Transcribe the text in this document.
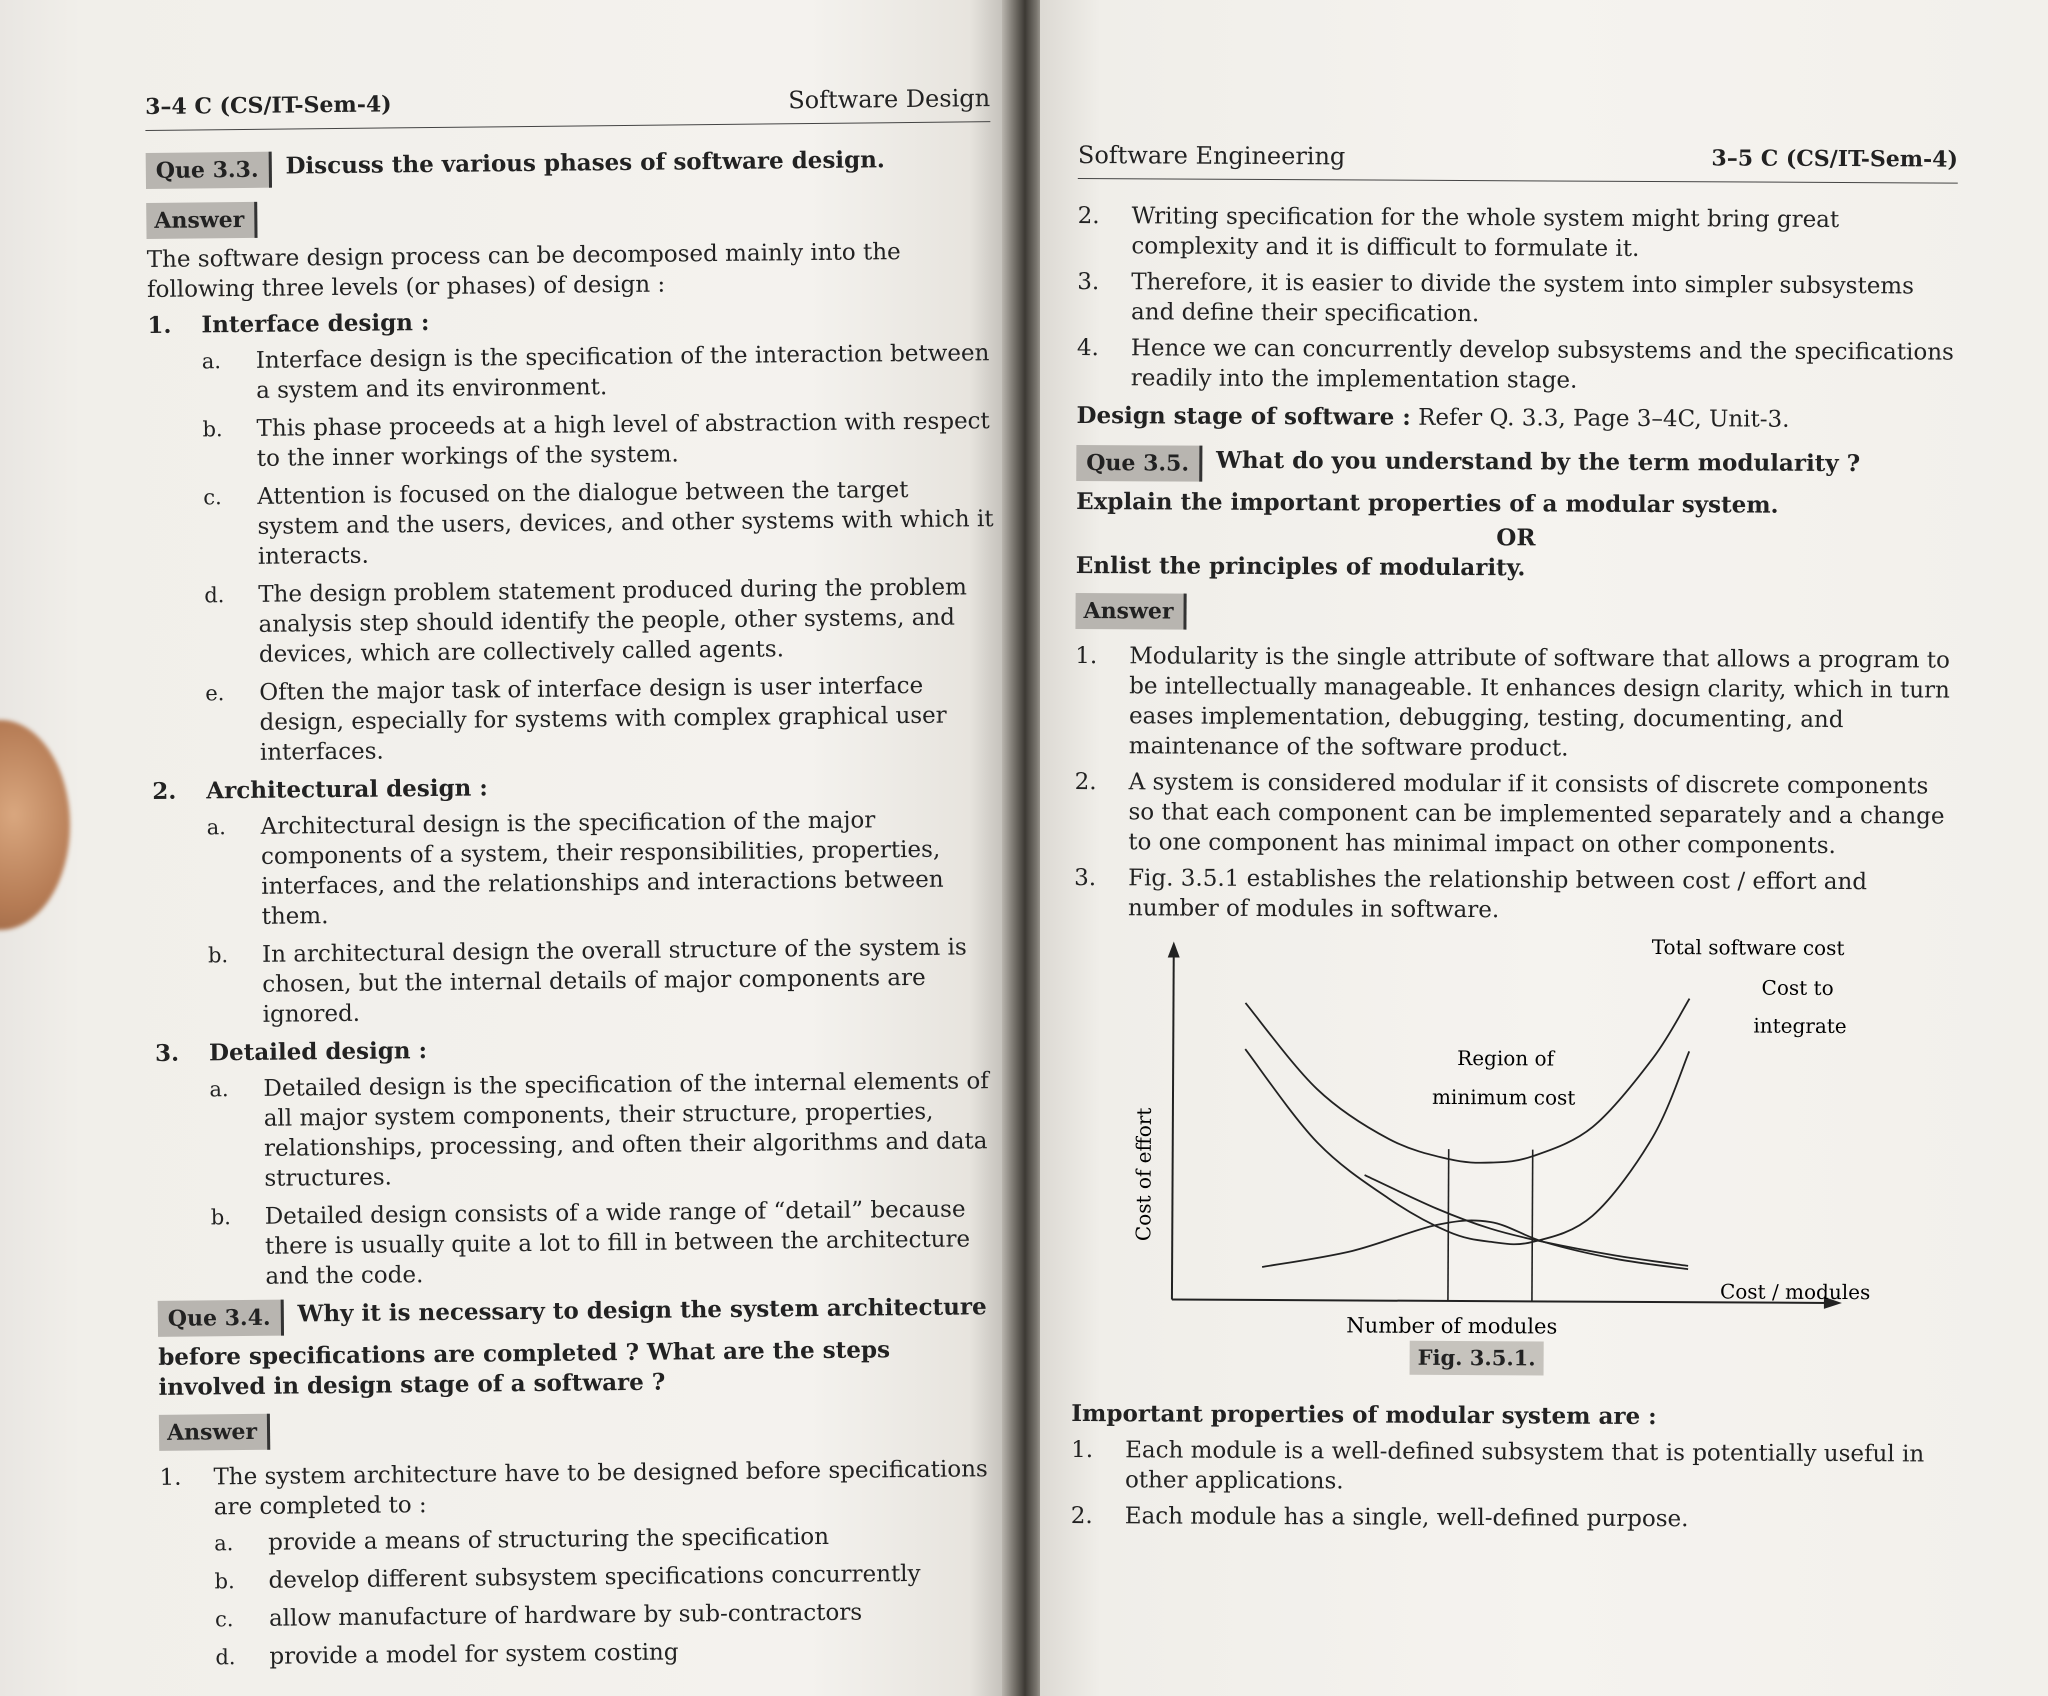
3–4 C (CS/IT-Sem-4)	Software Design
Que 3.3.	Discuss the various phases of software design.
Answer

The software design process can be decomposed mainly into the following three levels (or phases) of design :

1.	Interface design :
a.	Interface design is the specification of the interaction between a system and its environment.
b.	This phase proceeds at a high level of abstraction with respect to the inner workings of the system.
c.	Attention is focused on the dialogue between the target system and the users, devices, and other systems with which it interacts.
d.	The design problem statement produced during the problem analysis step should identify the people, other systems, and devices, which are collectively called agents.
e.	Often the major task of interface design is user interface design, especially for systems with complex graphical user interfaces.
2.	Architectural design :
a.	Architectural design is the specification of the major components of a system, their responsibilities, properties, interfaces, and the relationships and interactions between them.
b.	In architectural design the overall structure of the system is chosen, but the internal details of major components are ignored.
3.	Detailed design :
a.	Detailed design is the specification of the internal elements of all major system components, their structure, properties, relationships, processing, and often their algorithms and data structures.
b.	Detailed design consists of a wide range of “detail” because there is usually quite a lot to fill in between the architecture and the code.
Que 3.4.	Why it is necessary to design the system architecture
before specifications are completed ? What are the steps involved in design stage of a software ?
Answer
1.	The system architecture have to be designed before specifications are completed to :
a.	provide a means of structuring the specification
b.	develop different subsystem specifications concurrently
c.	allow manufacture of hardware by sub-contractors
d.	provide a model for system costing
Software Engineering	3–5 C (CS/IT-Sem-4)
2.	Writing specification for the whole system might bring great complexity and it is difficult to formulate it.
3.	Therefore, it is easier to divide the system into simpler subsystems and define their specification.
4.	Hence we can concurrently develop subsystems and the specifications readily into the implementation stage.

Design stage of software : Refer Q. 3.3, Page 3–4C, Unit-3.

Que 3.5.	What do you understand by the term modularity ?
Explain the important properties of a modular system.
OR
Enlist the principles of modularity.
Answer
1.	Modularity is the single attribute of software that allows a program to be intellectually manageable. It enhances design clarity, which in turn eases implementation, debugging, testing, documenting, and maintenance of the software product.
2.	A system is considered modular if it consists of discrete components so that each component can be implemented separately and a change to one component has minimal impact on other components.
3.	Fig. 3.5.1 establishes the relationship between cost / effort and number of modules in software.
Number of modules
Cost of effort
Total software cost
Cost to
integrate
Cost / modules
Region of
minimum cost
Fig. 3.5.1.

Important properties of modular system are :

1.	Each module is a well-defined subsystem that is potentially useful in other applications.
2.	Each module has a single, well-defined purpose.
